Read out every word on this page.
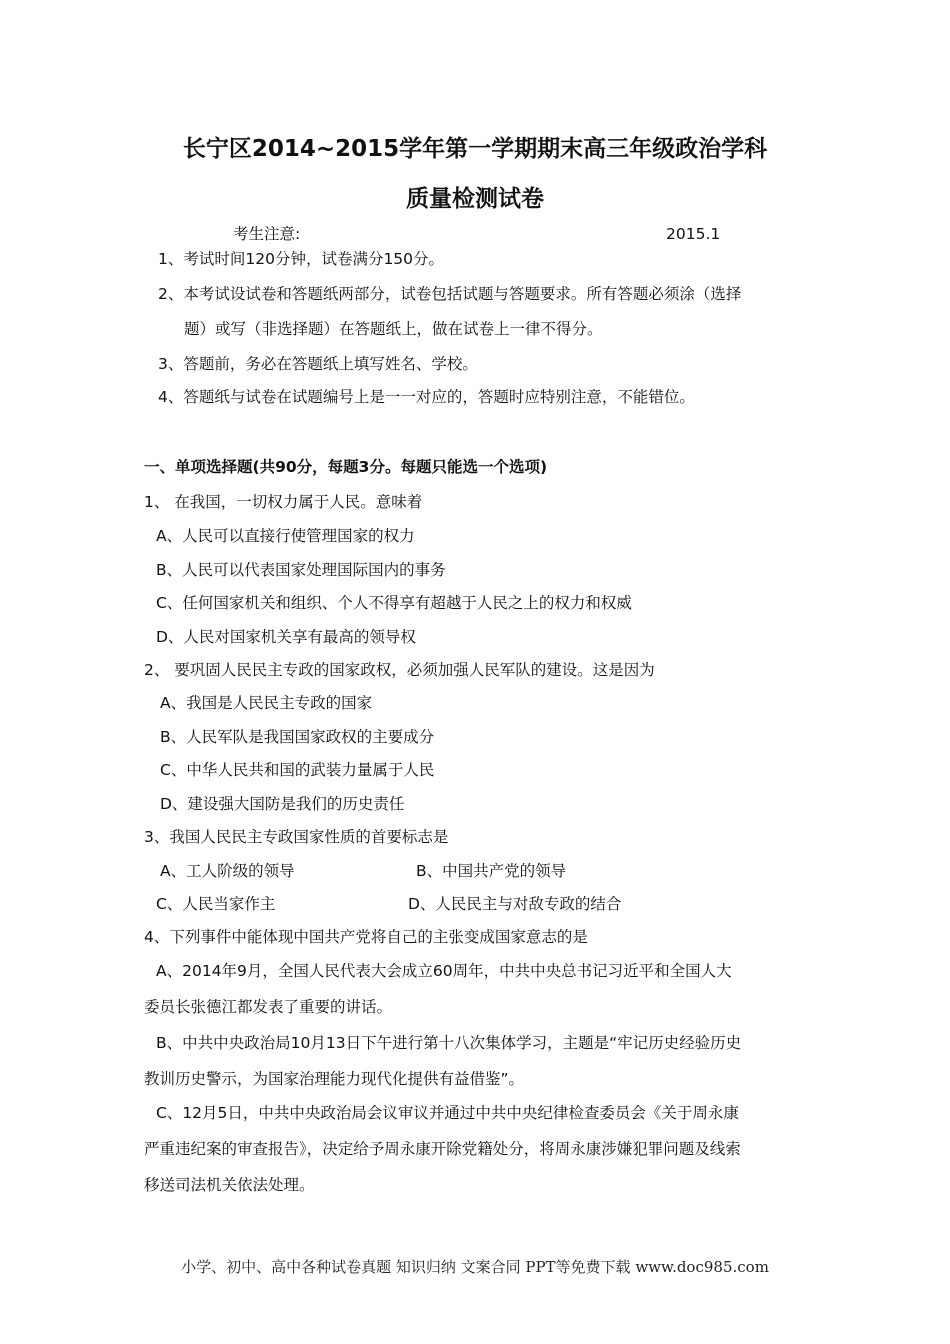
长宁区2014~2015学年第一学期期末高三年级政治学科
质量检测试卷
考生注意:	2015.1
1、考试时间120分钟，试卷满分150分。
2、本考试设试卷和答题纸两部分，试卷包括试题与答题要求。所有答题必须涂（选择
题）或写（非选择题）在答题纸上，做在试卷上一律不得分。
3、答题前，务必在答题纸上填写姓名、学校。
4、答题纸与试卷在试题编号上是一一对应的，答题时应特别注意，不能错位。
一、单项选择题(共90分，每题3分。每题只能选一个选项)
1、 在我国，一切权力属于人民。意味着
A、人民可以直接行使管理国家的权力
B、人民可以代表国家处理国际国内的事务
C、任何国家机关和组织、个人不得享有超越于人民之上的权力和权威
D、人民对国家机关享有最高的领导权
2、 要巩固人民民主专政的国家政权，必须加强人民军队的建设。这是因为
A、我国是人民民主专政的国家
B、人民军队是我国国家政权的主要成分
C、中华人民共和国的武装力量属于人民
D、建设强大国防是我们的历史责任
3、我国人民民主专政国家性质的首要标志是
A、工人阶级的领导	B、中国共产党的领导
C、人民当家作主	D、人民民主与对敌专政的结合
4、下列事件中能体现中国共产党将自己的主张变成国家意志的是
A、2014年9月，全国人民代表大会成立60周年，中共中央总书记习近平和全国人大
委员长张德江都发表了重要的讲话。
B、中共中央政治局10月13日下午进行第十八次集体学习，主题是“牢记历史经验历史
教训历史警示，为国家治理能力现代化提供有益借鉴”。
C、12月5日，中共中央政治局会议审议并通过中共中央纪律检查委员会《关于周永康
严重违纪案的审查报告》，决定给予周永康开除党籍处分，将周永康涉嫌犯罪问题及线索
移送司法机关依法处理。
小学、初中、高中各种试卷真题 知识归纳 文案合同 PPT等免费下载 www.doc985.com
